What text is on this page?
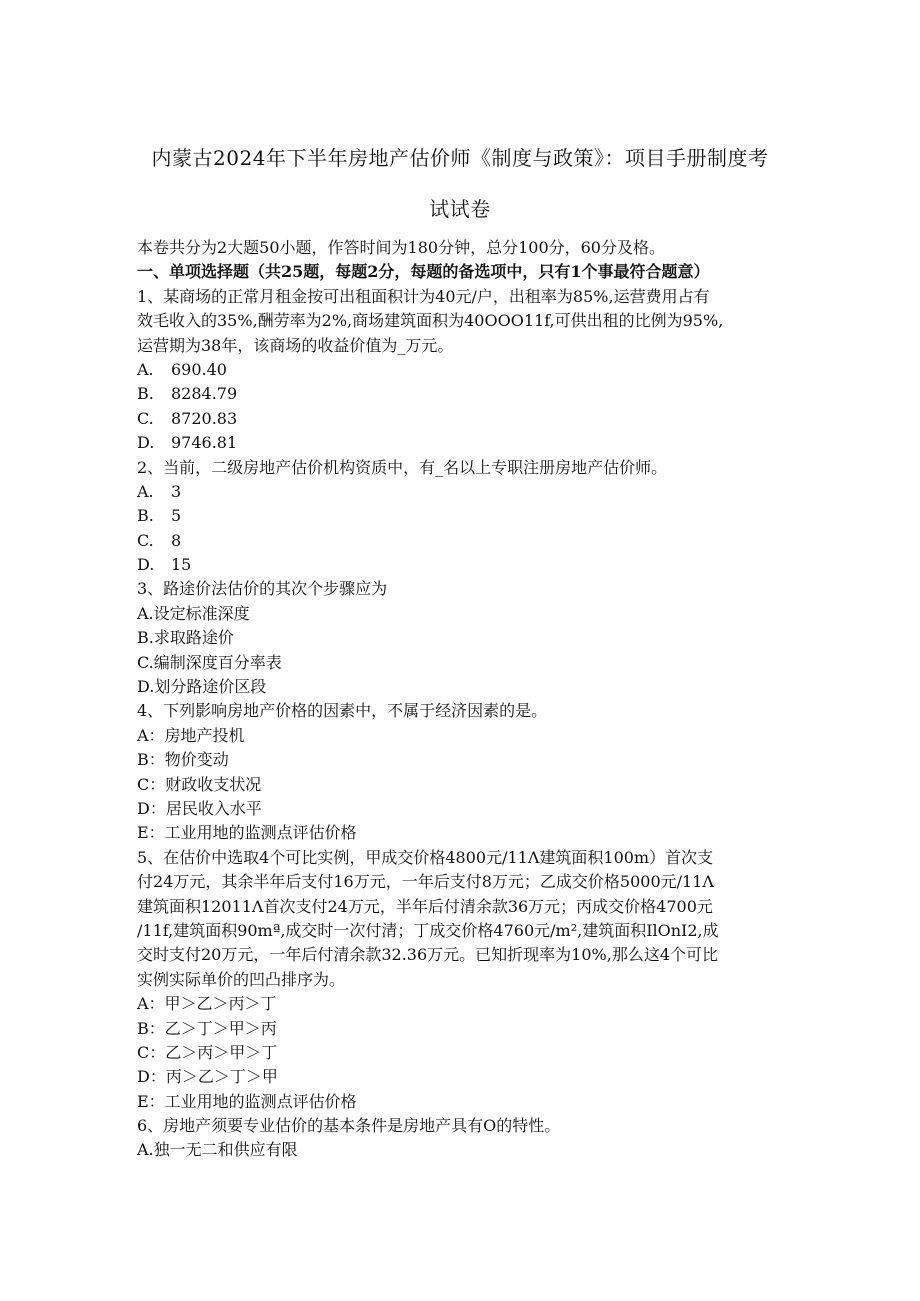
内蒙古2024年下半年房地产估价师《制度与政策》：项目手册制度考
试试卷
本卷共分为2大题50小题，作答时间为180分钟，总分100分，60分及格。
一、单项选择题（共25题，每题2分，每题的备选项中，只有1个事最符合题意）
1、某商场的正常月租金按可出租面积计为40元/户，出租率为85%,运营费用占有
效毛收入的35%,酬劳率为2%,商场建筑面积为40OOO11f,可供出租的比例为95%,
运营期为38年，该商场的收益价值为_万元。
A. 690.40
B. 8284.79
C. 8720.83
D. 9746.81
2、当前，二级房地产估价机构资质中，有_名以上专职注册房地产估价师。
A. 3
B. 5
C. 8
D. 15
3、路途价法估价的其次个步骤应为
A.设定标准深度
B.求取路途价
C.编制深度百分率表
D.划分路途价区段
4、下列影响房地产价格的因素中，不属于经济因素的是。
A：房地产投机
B：物价变动
C：财政收支状况
D：居民收入水平
E：工业用地的监测点评估价格
5、在估价中选取4个可比实例，甲成交价格4800元/11Λ建筑面积100m）首次支
付24万元，其余半年后支付16万元，一年后支付8万元；乙成交价格5000元/11Λ
建筑面积12011Λ首次支付24万元，半年后付清余款36万元；丙成交价格4700元
/11f,建筑面积90mª,成交时一次付清；丁成交价格4760元/m²,建筑面积IlOnI2,成
交时支付20万元，一年后付清余款32.36万元。已知折现率为10%,那么这4个可比
实例实际单价的凹凸排序为。
A：甲＞乙＞丙＞丁
B：乙＞丁＞甲＞丙
C：乙＞丙＞甲＞丁
D：丙＞乙＞丁＞甲
E：工业用地的监测点评估价格
6、房地产须要专业估价的基本条件是房地产具有O的特性。
A.独一无二和供应有限
